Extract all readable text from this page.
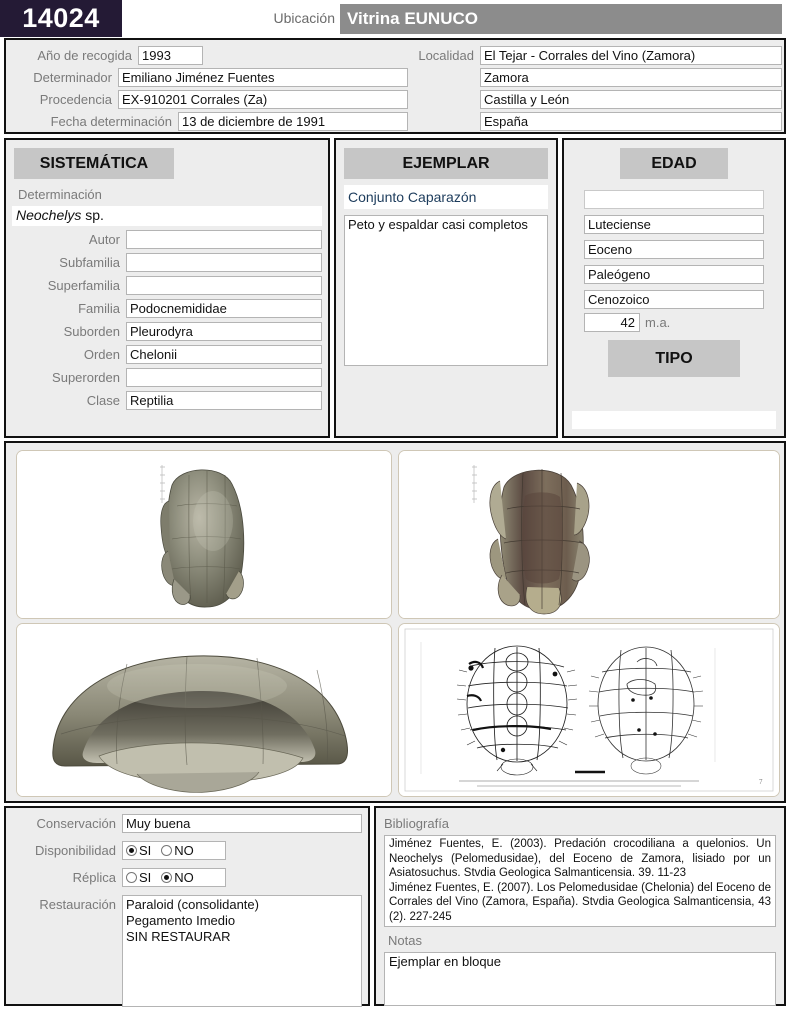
14024	Ubicación Vitrina EUNUCO
Año de recogida 1993
Determinador Emiliano Jiménez Fuentes
Procedencia EX-910201 Corrales (Za)
Fecha determinación 13 de diciembre de 1991
Localidad El Tejar - Corrales del Vino (Zamora)
Zamora
Castilla y León
España
SISTEMÁTICA
Determinación
Neochelys sp.
Autor
Subfamilia
Superfamilia
Familia Podocnemididae
Suborden Pleurodyra
Orden Chelonii
Superorden
Clase Reptilia
EJEMPLAR
Conjunto Caparazón
Peto y espaldar casi completos
EDAD
Luteciense
Eoceno
Paleógeno
Cenozoico
42 m.a.
TIPO
7
Conservación Muy buena
Disponibilidad SI NO
Réplica SI NO
Restauración Paraloid (consolidante)
Pegamento Imedio
SIN RESTAURAR
Bibliografía

Jiménez Fuentes, E. (2003). Predación crocodiliana a quelonios. Un Neochelys (Pelomedusidae), del Eoceno de Zamora, lisiado por un Asiatosuchus. Stvdia Geologica Salmanticensia. 39. 11-23

Jiménez Fuentes, E. (2007). Los Pelomedusidae (Chelonia) del Eoceno de Corrales del Vino (Zamora, España). Stvdia Geologica Salmanticensia, 43 (2). 227-245

Notas
Ejemplar en bloque
